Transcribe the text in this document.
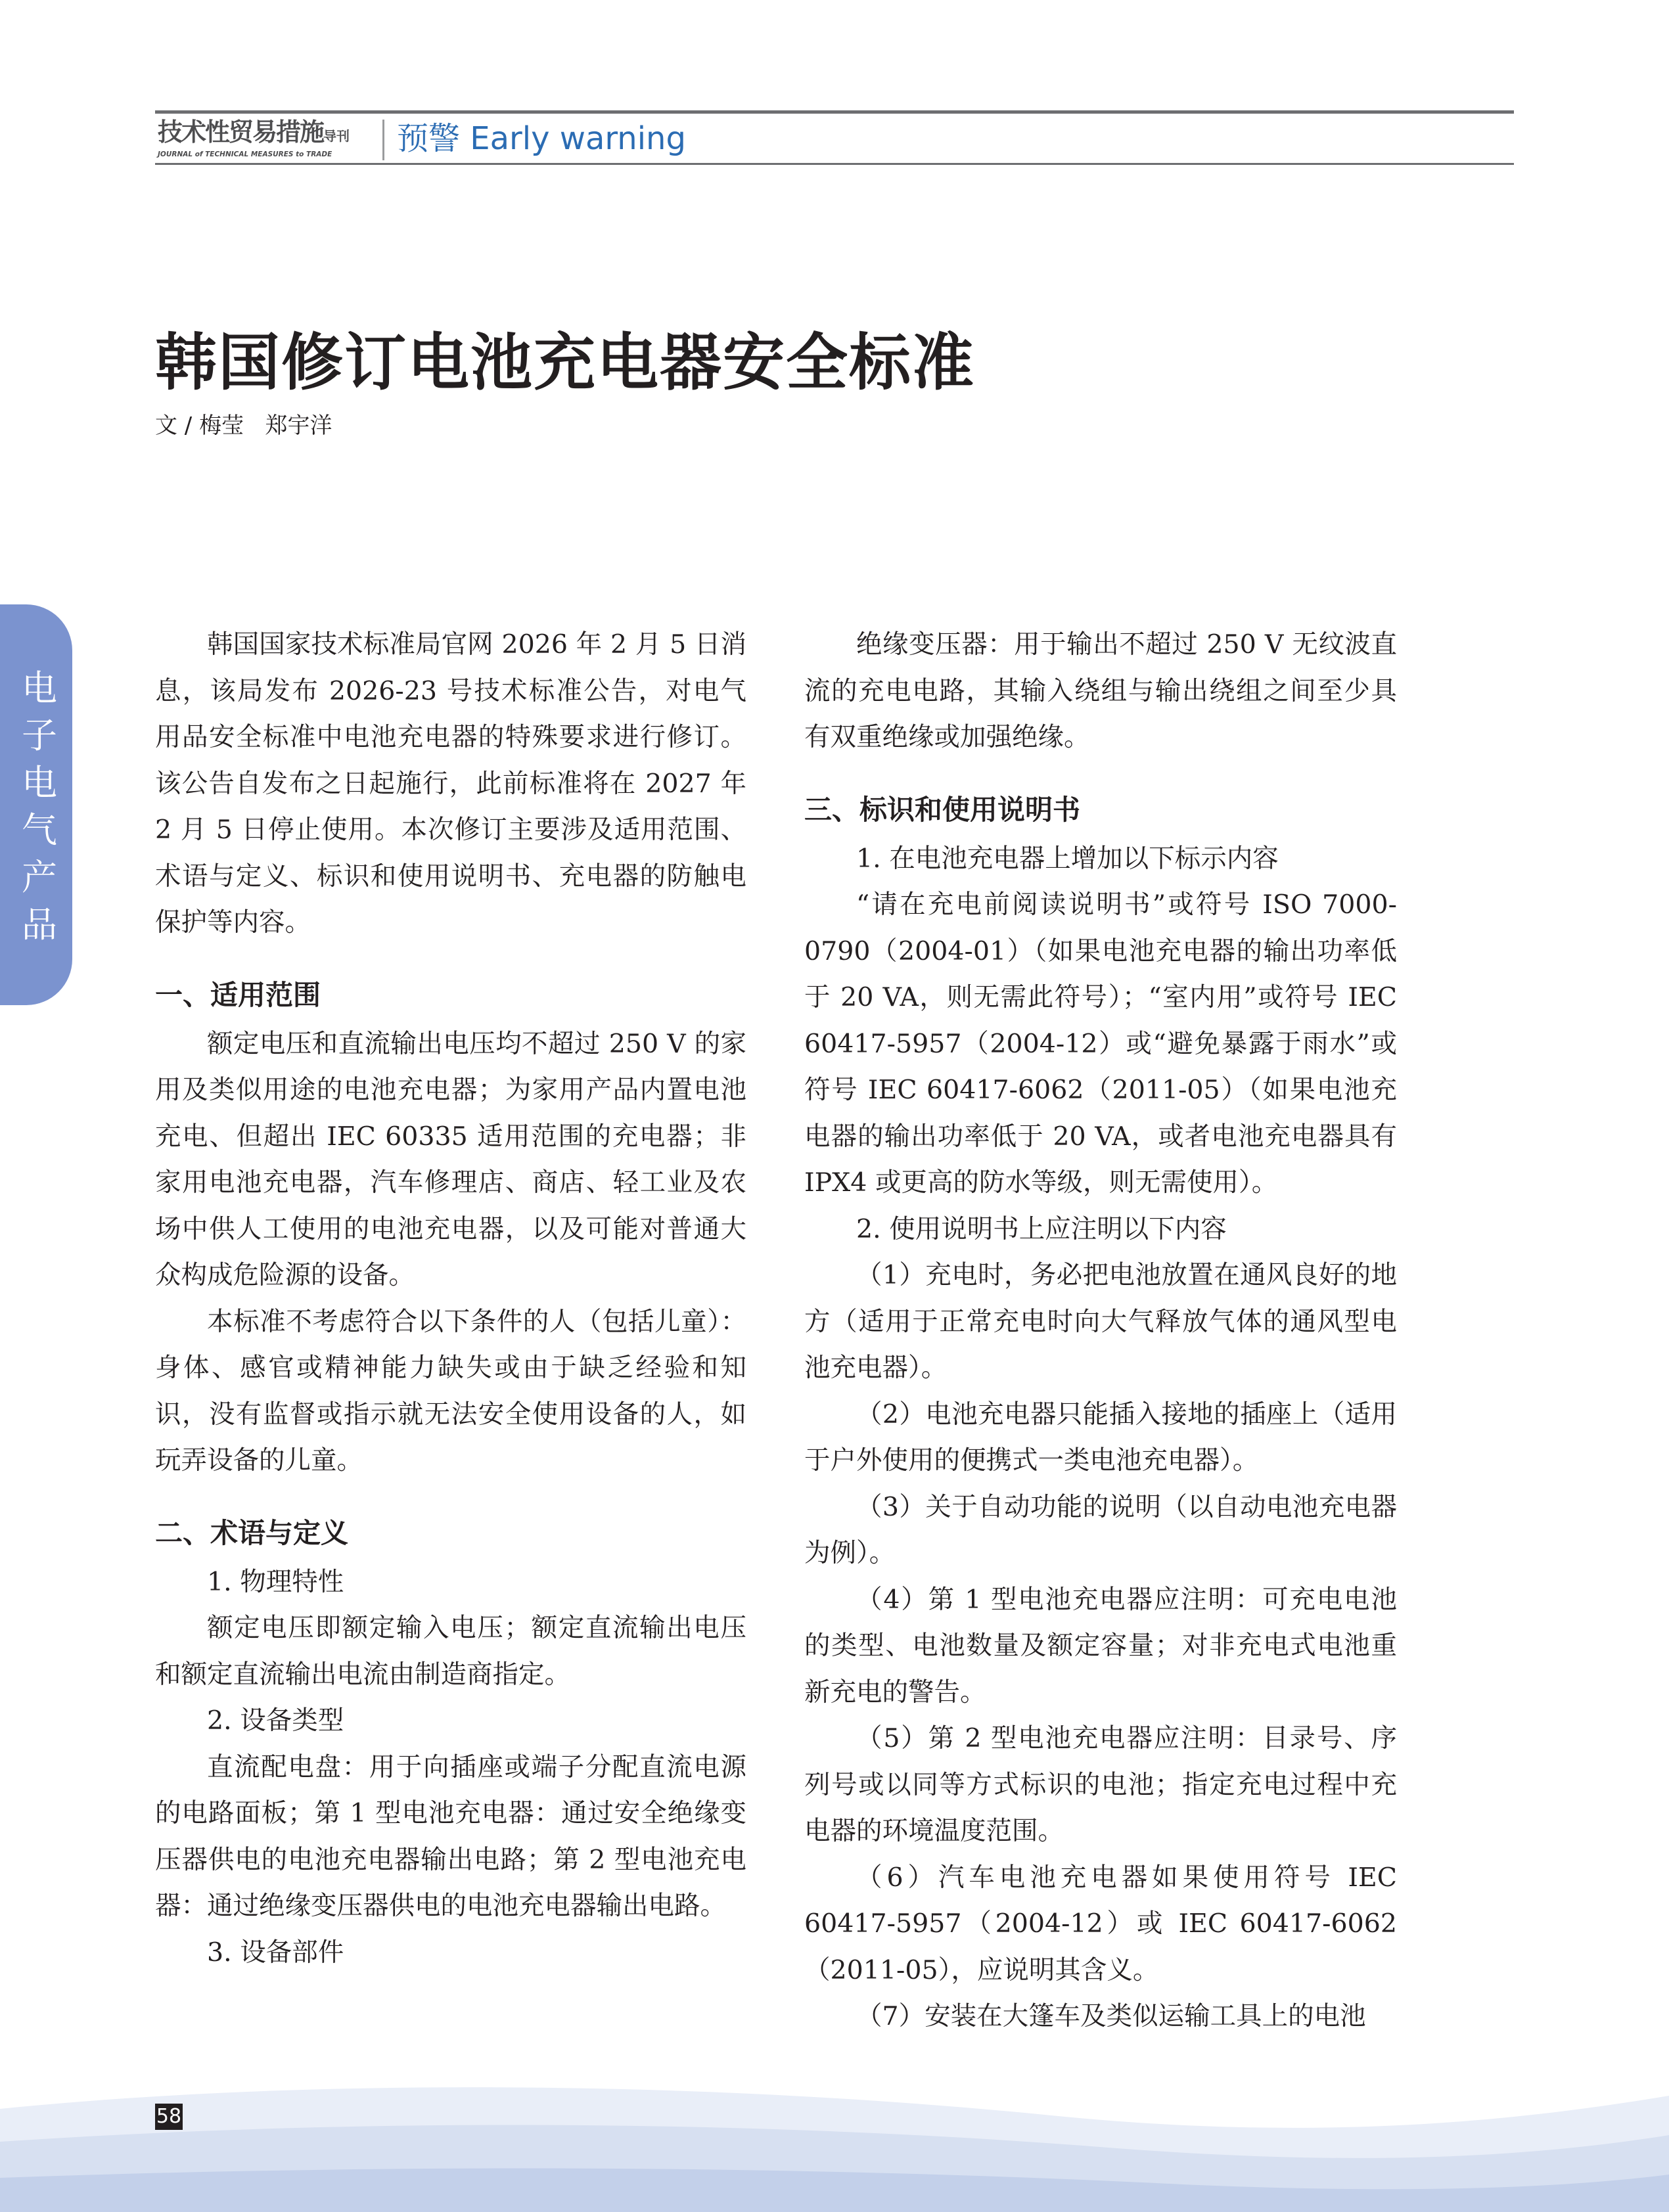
技术性贸易措施导刊
JOURNAL of TECHNICAL MEASURES to TRADE	预警 Early warning
电子电气产品
韩国修订电池充电器安全标准
文 / 梅莹   郑宇洋

韩国国家技术标准局官网 2026 年 2 月 5 日消息，该局发布 2026-23 号技术标准公告，对电气用品安全标准中电池充电器的特殊要求进行修订。该公告自发布之日起施行，此前标准将在 2027 年 2 月 5 日停止使用。本次修订主要涉及适用范围、术语与定义、标识和使用说明书、充电器的防触电保护等内容。

一、适用范围

额定电压和直流输出电压均不超过 250 V 的家用及类似用途的电池充电器；为家用产品内置电池充电、但超出 IEC 60335 适用范围的充电器；非家用电池充电器，汽车修理店、商店、轻工业及农场中供人工使用的电池充电器，以及可能对普通大众构成危险源的设备。

本标准不考虑符合以下条件的人（包括儿童）：身体、感官或精神能力缺失或由于缺乏经验和知识，没有监督或指示就无法安全使用设备的人，如玩弄设备的儿童。

二、术语与定义

1. 物理特性

额定电压即额定输入电压；额定直流输出电压和额定直流输出电流由制造商指定。

2. 设备类型

直流配电盘：用于向插座或端子分配直流电源的电路面板；第 1 型电池充电器：通过安全绝缘变压器供电的电池充电器输出电路；第 2 型电池充电器：通过绝缘变压器供电的电池充电器输出电路。

3. 设备部件

绝缘变压器：用于输出不超过 250 V 无纹波直流的充电电路，其输入绕组与输出绕组之间至少具有双重绝缘或加强绝缘。

三、标识和使用说明书

1. 在电池充电器上增加以下标示内容

“请在充电前阅读说明书”或符号 ISO 7000-0790（2004-01）（如果电池充电器的输出功率低于 20 VA，则无需此符号）；“室内用”或符号 IEC 60417-5957（2004-12）或“避免暴露于雨水”或符号 IEC 60417-6062（2011-05）（如果电池充电器的输出功率低于 20 VA，或者电池充电器具有 IPX4 或更高的防水等级，则无需使用）。

2. 使用说明书上应注明以下内容

（1）充电时，务必把电池放置在通风良好的地方（适用于正常充电时向大气释放气体的通风型电池充电器）。

（2）电池充电器只能插入接地的插座上（适用于户外使用的便携式一类电池充电器）。

（3）关于自动功能的说明（以自动电池充电器为例）。

（4）第 1 型电池充电器应注明：可充电电池的类型、电池数量及额定容量；对非充电式电池重新充电的警告。

（5）第 2 型电池充电器应注明：目录号、序列号或以同等方式标识的电池；指定充电过程中充电器的环境温度范围。

（6）汽车电池充电器如果使用符号 IEC 60417-5957（2004-12）或 IEC 60417-6062（2011-05），应说明其含义。

（7）安装在大篷车及类似运输工具上的电池

58
